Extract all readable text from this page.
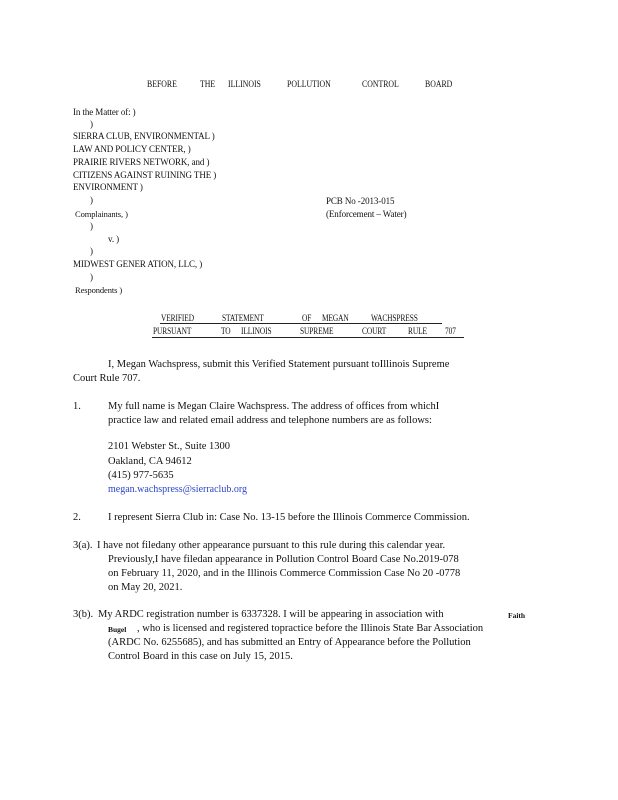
BEFORE THE ILLINOIS	POLLUTION	CONTROL	BOARD
In the Matter of: )
)
SIERRA CLUB, ENVIRONMENTAL )
LAW AND POLICY CENTER, )
PRAIRIE RIVERS NETWORK, and )
CITIZENS AGAINST RUINING THE )
ENVIRONMENT )
)
Complainants, )
)
v. )
)
MIDWEST GENER ATION, LLC, )
)
Respondents )
PCB No -2013-015
(Enforcement – Water)
VERIFIED	STATEMENT	OF MEGAN WACHSPRESS
PURSUANT	TO ILLINOIS	SUPREME	COURT RULE 707
I, Megan Wachspress, submit this Verified Statement pursuant toIllinois Supreme
Court Rule 707.
1.	My full name is Megan Claire Wachspress. The address of offices from whichI
practice law and related email address and telephone numbers are as follows:
2101 Webster St., Suite 1300
Oakland, CA 94612
(415) 977-5635
megan.wachspress@sierraclub.org
2.	I represent Sierra Club in: Case No. 13-15 before the Illinois Commerce Commission.
3(a). I have not filedany other appearance pursuant to this rule during this calendar year.
Previously,I have filedan appearance in Pollution Control Board Case No.2019-078
on February 11, 2020, and in the Illinois Commerce Commission Case No 20 -0778
on May 20, 2021.
3(b). My ARDC registration number is 6337328. I will be appearing in association with	Faith
Bugel , who is licensed and registered topractice before the Illinois State Bar Association
(ARDC No. 6255685), and has submitted an Entry of Appearance before the Pollution
Control Board in this case on July 15, 2015.
